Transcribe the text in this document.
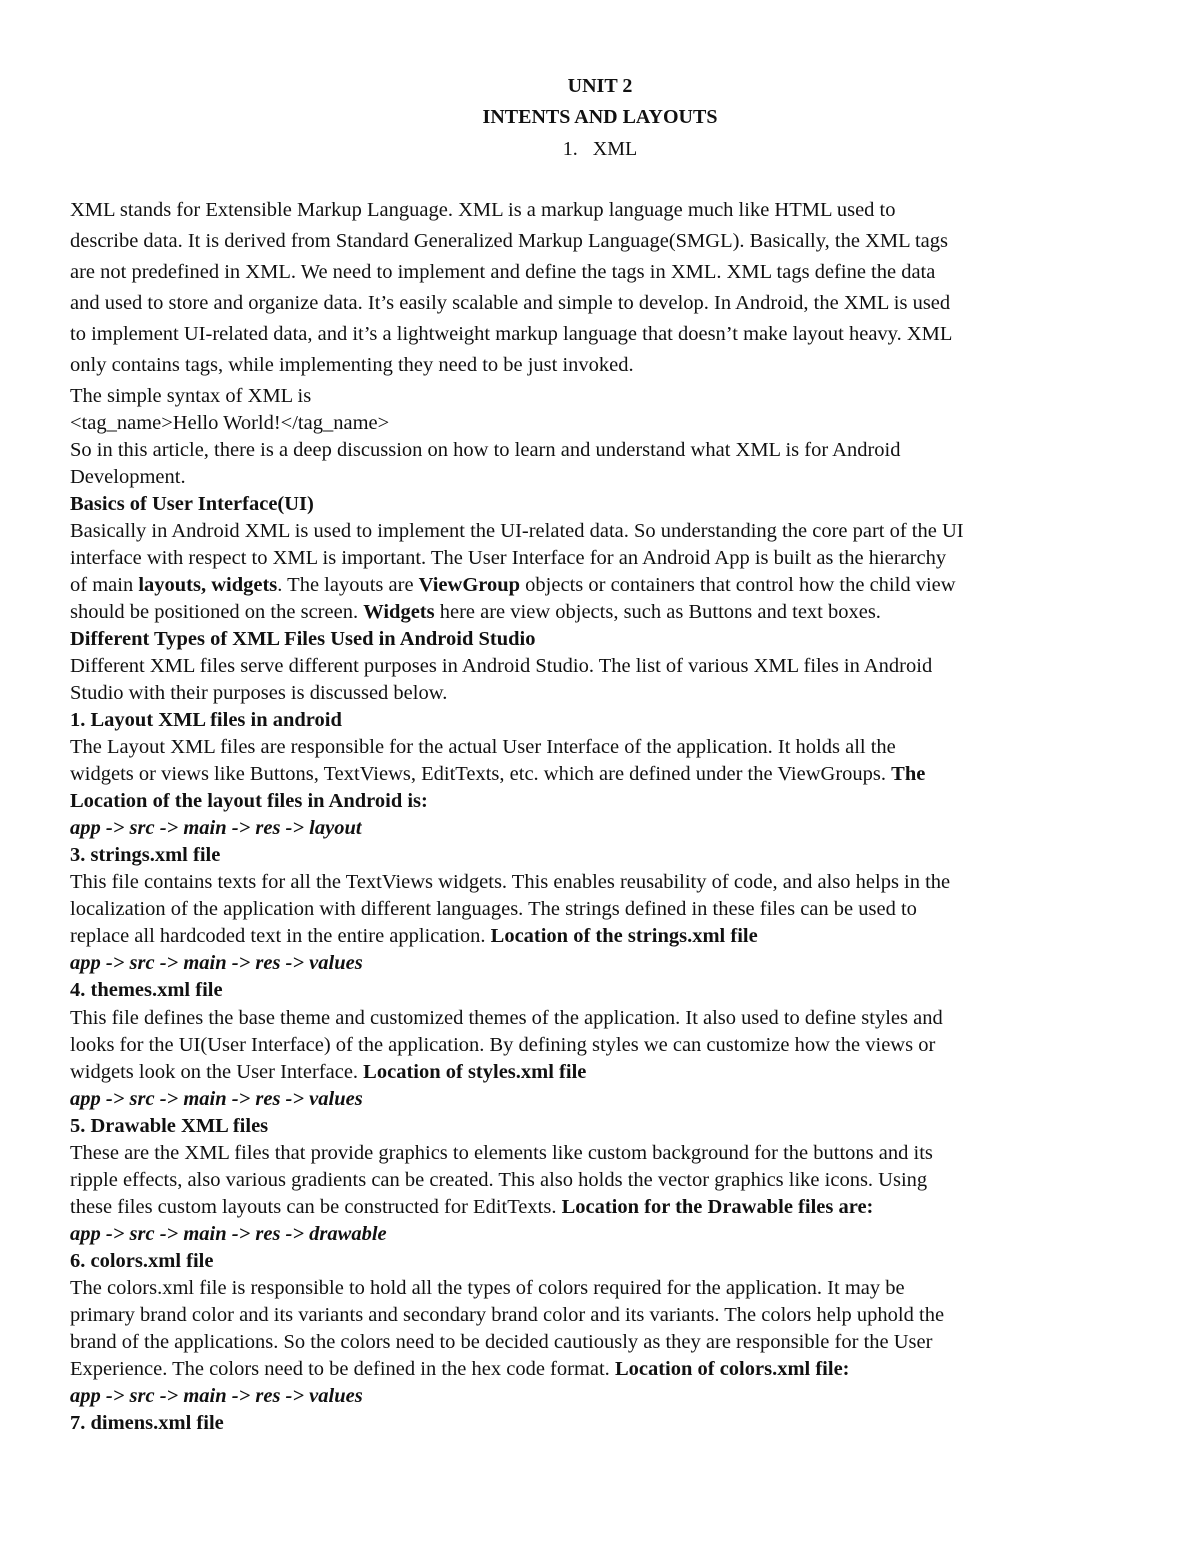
UNIT 2
INTENTS AND LAYOUTS
1. XML
XML stands for Extensible Markup Language. XML is a markup language much like HTML used to
describe data. It is derived from Standard Generalized Markup Language(SMGL). Basically, the XML tags
are not predefined in XML. We need to implement and define the tags in XML. XML tags define the data
and used to store and organize data. It’s easily scalable and simple to develop. In Android, the XML is used
to implement UI-related data, and it’s a lightweight markup language that doesn’t make layout heavy. XML
only contains tags, while implementing they need to be just invoked.
The simple syntax of XML is
<tag_name>Hello World!</tag_name>
So in this article, there is a deep discussion on how to learn and understand what XML is for Android
Development.
Basics of User Interface(UI)
Basically in Android XML is used to implement the UI-related data. So understanding the core part of the UI
interface with respect to XML is important. The User Interface for an Android App is built as the hierarchy
of main layouts, widgets. The layouts are ViewGroup objects or containers that control how the child view
should be positioned on the screen. Widgets here are view objects, such as Buttons and text boxes.
Different Types of XML Files Used in Android Studio
Different XML files serve different purposes in Android Studio. The list of various XML files in Android
Studio with their purposes is discussed below.
1. Layout XML files in android
The Layout XML files are responsible for the actual User Interface of the application. It holds all the
widgets or views like Buttons, TextViews, EditTexts, etc. which are defined under the ViewGroups. The
Location of the layout files in Android is:
app -> src -> main -> res -> layout
3. strings.xml file
This file contains texts for all the TextViews widgets. This enables reusability of code, and also helps in the
localization of the application with different languages. The strings defined in these files can be used to
replace all hardcoded text in the entire application. Location of the strings.xml file
app -> src -> main -> res -> values
4. themes.xml file
This file defines the base theme and customized themes of the application. It also used to define styles and
looks for the UI(User Interface) of the application. By defining styles we can customize how the views or
widgets look on the User Interface. Location of styles.xml file
app -> src -> main -> res -> values
5. Drawable XML files
These are the XML files that provide graphics to elements like custom background for the buttons and its
ripple effects, also various gradients can be created. This also holds the vector graphics like icons. Using
these files custom layouts can be constructed for EditTexts. Location for the Drawable files are:
app -> src -> main -> res -> drawable
6. colors.xml file
The colors.xml file is responsible to hold all the types of colors required for the application. It may be
primary brand color and its variants and secondary brand color and its variants. The colors help uphold the
brand of the applications. So the colors need to be decided cautiously as they are responsible for the User
Experience. The colors need to be defined in the hex code format. Location of colors.xml file:
app -> src -> main -> res -> values
7. dimens.xml file
